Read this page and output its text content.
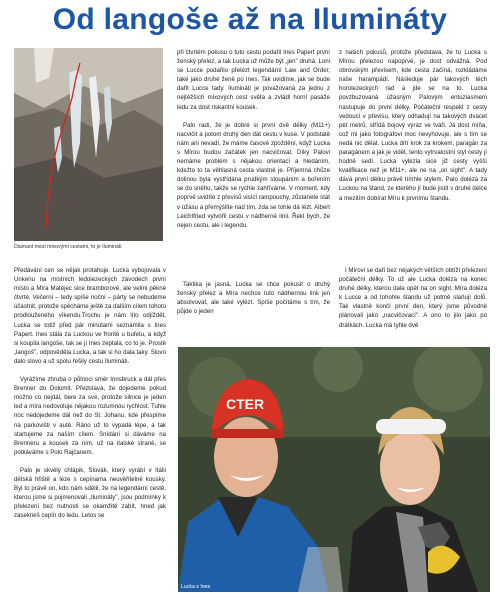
Od langoše až na Ilumináty
Diamant mezi mixovými cestami, to je Ilumináti

Předávání cen se nějak protahuje. Lucka vybojovala v Unkenu na místních ledolezeckých závodech první místo a Míra Matějec sice bramborové, ale velmi pěkné čtvrté. Večerní – tedy spíše noční – párty se nebudeme účastnit, protože spěcháme ještě za dalším cílem tohoto prodlouženého víkendu.Trochu je nám líto odjíždět, Lucka se totiž před pár minutami seznámila s Ines Papert. Ines stála za Luckou ve frontě u bufetu, a když si koupila langoše, tak se jí Ines zeptala, co to je. Prostě „langoš", odpověděla Lucka, a tak si ho dala taky. Slovo dalo slovo a už spolu řešily cestu Ilumináti.

Vyrážíme zhruba o půlnoci směr Innsbruck a dál přes Brenner do Dolomit. Představa, že dojedeme pokud možno co nejdál, bere za své, protože silnice je jeden led a míra nedovoluje nějakou rozumnou rychlost. Tuhle noc nedojedeme dál než do St. Johanu, kde přespíme na parkovišti v autě. Ráno už to vypadá lépe, a tak startujeme za naším cílem. Snídání si dáváme na Brenneru a kousek za ním, už na italské straně, se potkáváme s Polo Rajčanem.

Palo je skvělý chlápik, Slovák, který vyrábí v Itálii dětská hřiště a leze s cepínama neuvěřitelné kousky. Byl to právě on, kdo nám sdělil, že na legendární cestě, kterou jsme si pojmenovali „Ilumináty", jsou podmínky k přelezení bez nutnosti se okamžitě zabít, hned jak zasekneš cepín do ledu. Letos se

při čtvrtém pokusu o tuto cestu podařil Ines Papert první ženský přelez, a tak Lucka už může být „jen" druhá. Loni se Lucce podařilo přelézt legendární Law and Order, také jako druhé ženě po Ines. Tak uvidíme, jak se bude dařit Lucce tady. Ilumináti je považovaná za jednu z nejtěžších mixových cest světa a zvládl horní pasáže ledu za dost riskantní kousek.

Palo radí, že je dobré si první dvě délky (M11+) nacvičit a potom druhý den dát cestu v kuse. V podstatě nám ani nevadí, že máme časové zpoždění, když Lucka s Mírou budou začátek jen nacvičovat. Díky Palovi nemáme problém s nějakou orientací a hledáním, kdežto to ta věhlasná cesta vlastně je. Příjemná chůze dolinou byla vystřídána prudkým stoupáním a bořením se do sněhu, takže se rychle zahříváme. V moment, kdy poprvé uvidíte z převisů visící rampouchy, zůstanete stát v úžasu a přemýšlíte nad tím, zda se tohle dá lézt. Albert Leichtfried vytvořil cestu v nádherné linii. Řekl bych, že nejen cestu, ale i legendu.

Taktika je jasná, Lucka se chce pokusit o druhý ženský přelez a Míra nechce tuto nádhernou linii jen absolvovat, ale také vylézt. Spíše počítáme s tím, že půjde o jeden

z našich pokusů, protože představa, že to Lucka s Mírou přelezou napoprvé, je dost odvážná. Pod obrovským převisem, kde cesta začíná, rozkládáme naše harampádí. Následuje pár takových těch horolezeckých rad a jde se na to. Lucka povzbuzovaná úžasným Palovým entuziasmem nastupuje do první délky. Počáteční respekt z cesty vedoucí v převisu, který odhadují na takových dvacet pět metrů, střídá bojový výraz ve tváři. Já dost míňa, což mi jako fotografovi moc nevyhovuje, ale s tím se nedá nic dělat. Lucka drtí krok za krokem, paragán za paragánem a jak je vidět, tento vytrvalostní styl cesty jí hodně sedí. Lucka vylezla sice již cesty vyšší kvalifikace než je M11+, ale ne na „on sight". A tady dává první délku právě tímhle stylem. Palo doléza za Luckou na štand, ze kterého jí bude jistit v druhé délce a mezitím dobírat Míru k prvnímu štandu.

I Mírovi se daří bez nějakých větších obtíží přelezení počáteční délky. To už ale Lucka doléza na konec druhé délky, kterou dala opět na on sight. Míra doléza k Lucce a od tohohle štandu už potmě slaňují dolů. Tak vlastně končí první den, který jsme původně plánovali jako „nacvičovací". A ono to jilo jako po drátkách. Lucka má tyhle dvě

CTER
Lucka s Ines
